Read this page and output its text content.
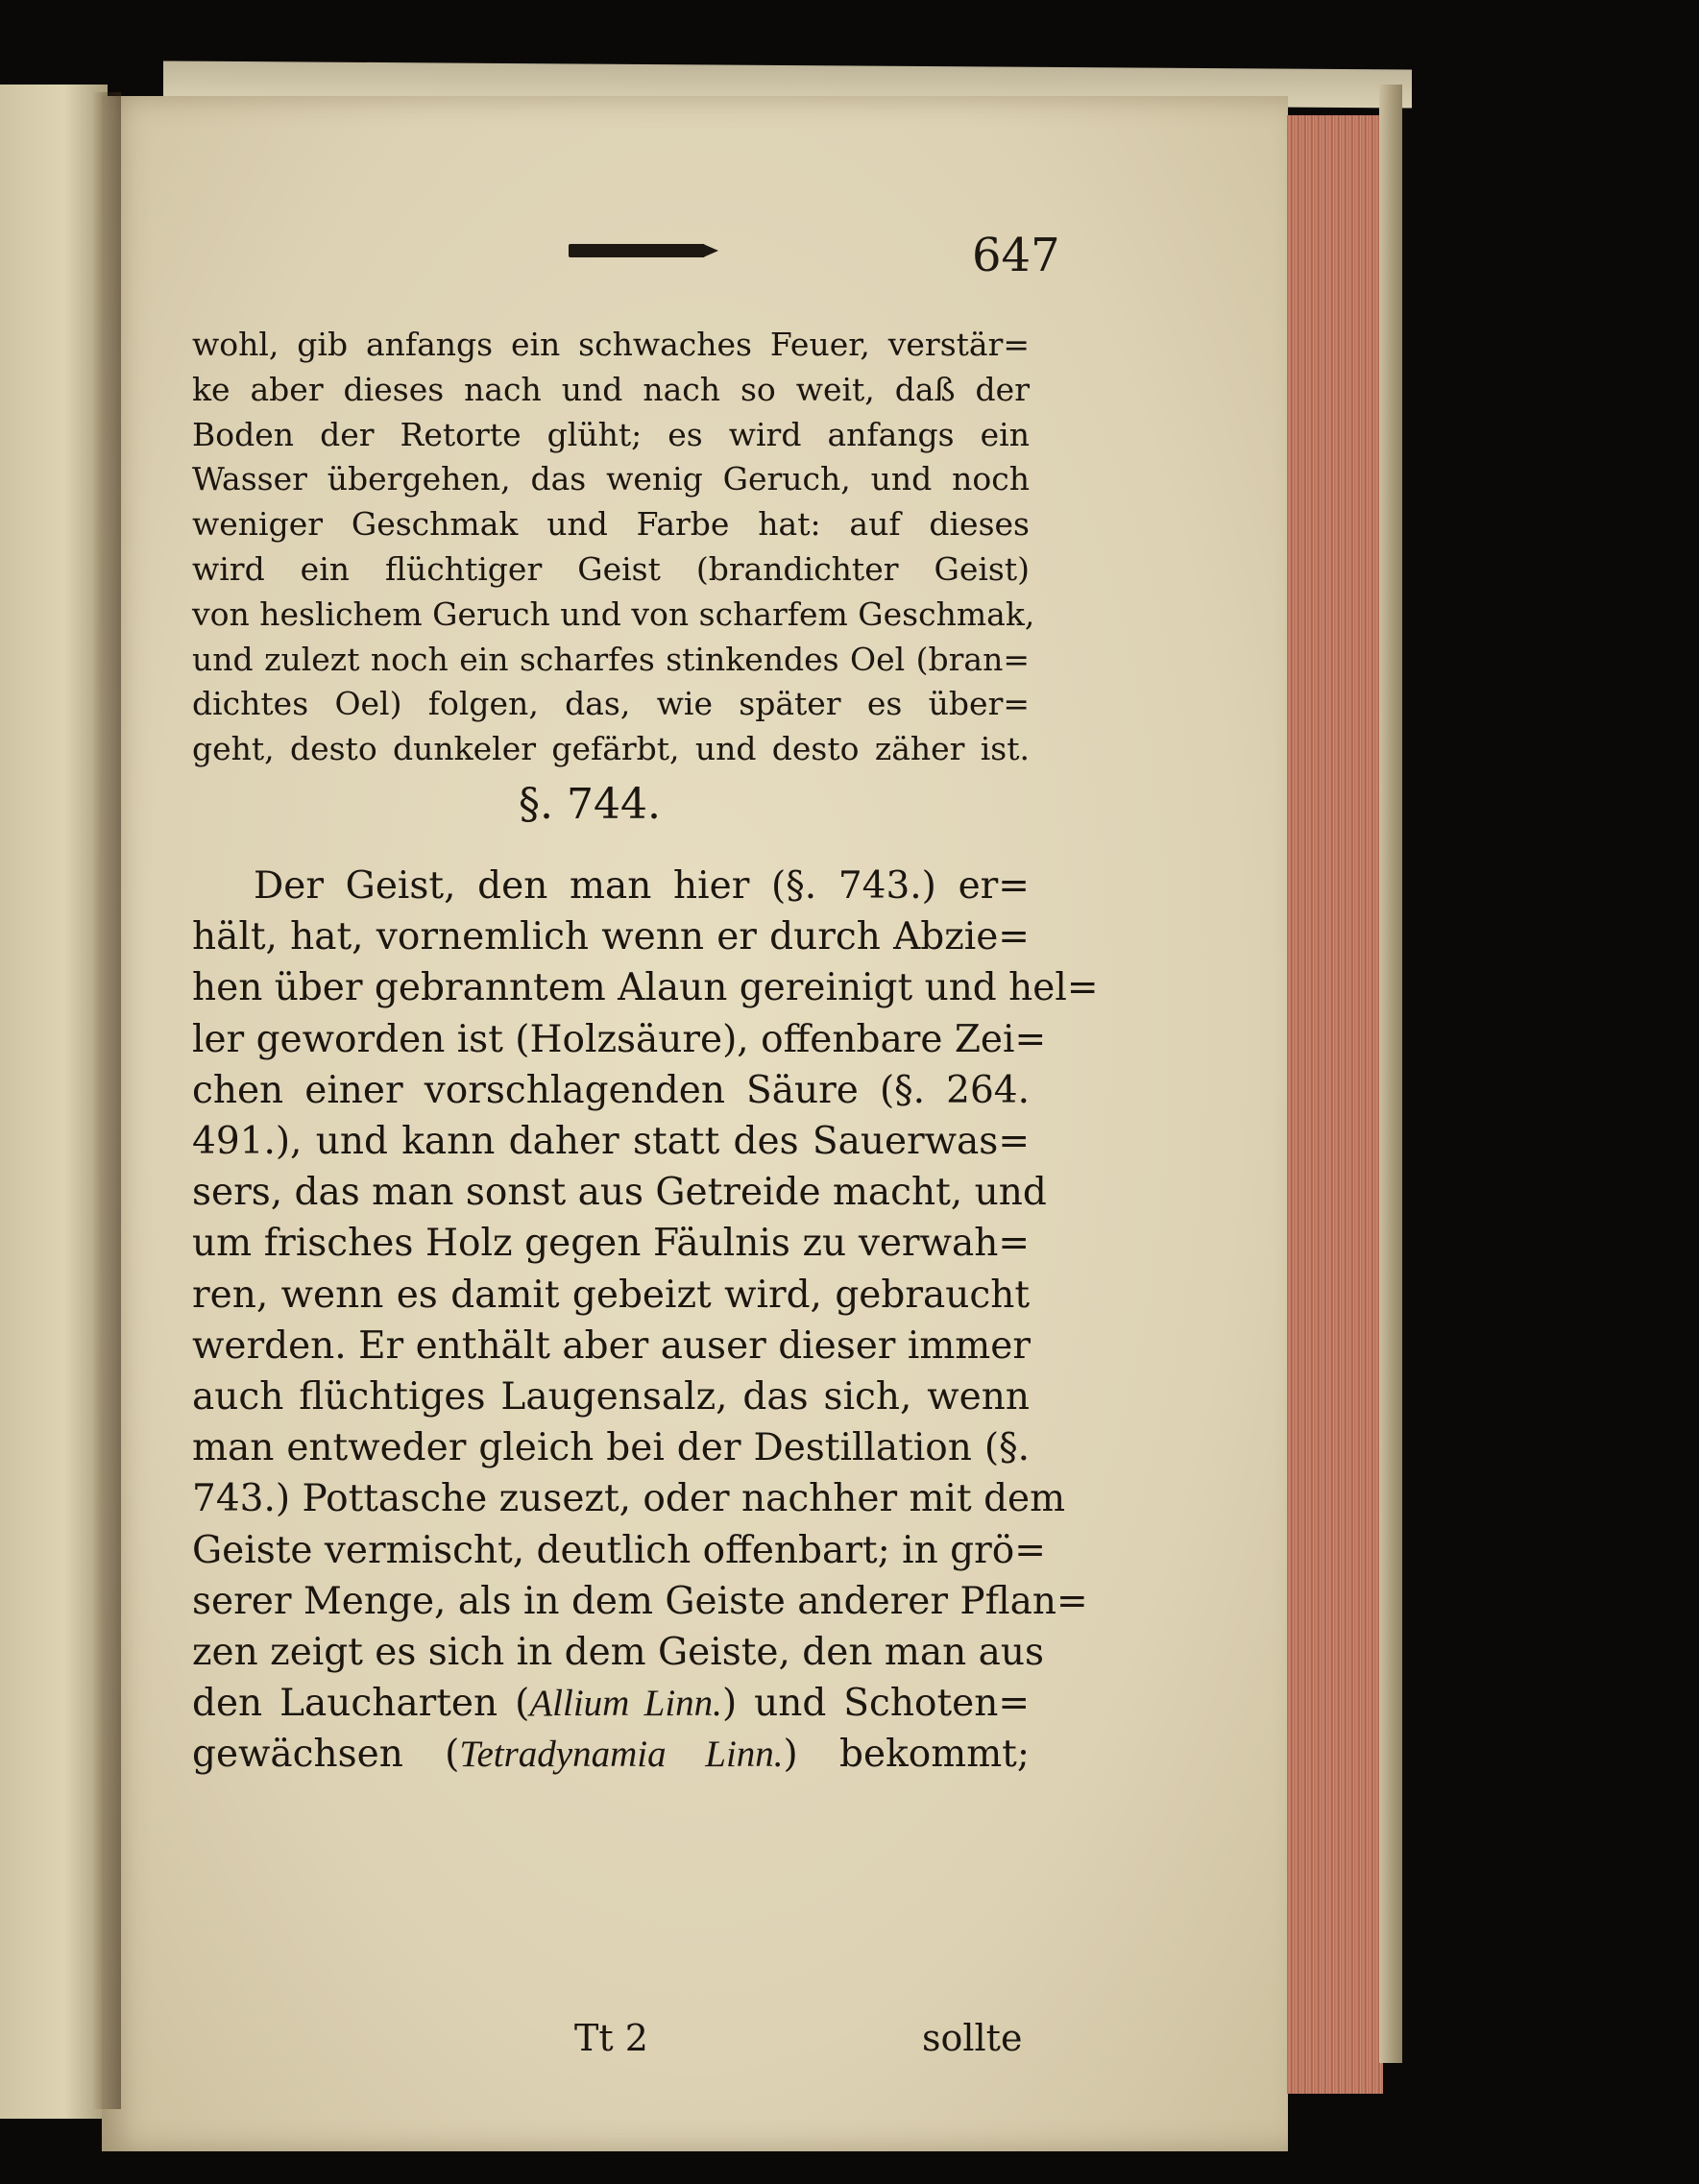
647

wohl, gib anfangs ein schwaches Feuer, verstär=

ke aber dieses nach und nach so weit, daß der

Boden der Retorte glüht; es wird anfangs ein

Wasser übergehen, das wenig Geruch, und noch

weniger Geschmak und Farbe hat: auf dieses

wird ein flüchtiger Geist (brandichter Geist)

von heslichem Geruch und von scharfem Geschmak,

und zulezt noch ein scharfes stinkendes Oel (bran=

dichtes Oel) folgen, das, wie später es über=

geht, desto dunkeler gefärbt, und desto zäher ist.

§. 744.

Der Geist, den man hier (§. 743.) er=

hält, hat, vornemlich wenn er durch Abzie=

hen über gebranntem Alaun gereinigt und hel=

ler geworden ist (Holzsäure), offenbare Zei=

chen einer vorschlagenden Säure (§. 264.

491.), und kann daher statt des Sauerwas=

sers, das man sonst aus Getreide macht, und

um frisches Holz gegen Fäulnis zu verwah=

ren, wenn es damit gebeizt wird, gebraucht

werden. Er enthält aber auser dieser immer

auch flüchtiges Laugensalz, das sich, wenn

man entweder gleich bei der Destillation (§.

743.) Pottasche zusezt, oder nachher mit dem

Geiste vermischt, deutlich offenbart; in grö=

serer Menge, als in dem Geiste anderer Pflan=

zen zeigt es sich in dem Geiste, den man aus

den Laucharten (Allium Linn.) und Schoten=

gewächsen (Tetradynamia Linn.) bekommt;

Tt 2	sollte
